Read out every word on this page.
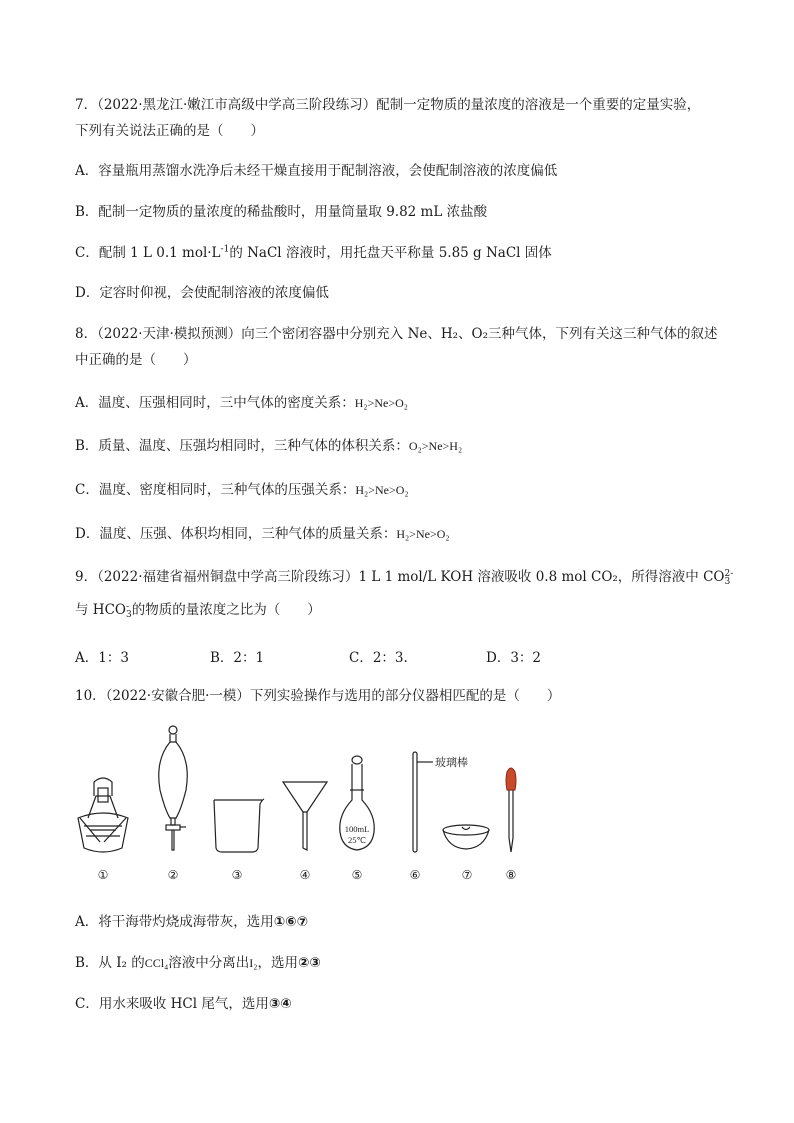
7．（2022·黑龙江·嫩江市高级中学高三阶段练习）配制一定物质的量浓度的溶液是一个重要的定量实验，
下列有关说法正确的是（　　）
A．容量瓶用蒸馏水洗净后未经干燥直接用于配制溶液，会使配制溶液的浓度偏低
B．配制一定物质的量浓度的稀盐酸时，用量筒量取 9.82 mL 浓盐酸
C．配制 1 L 0.1 $mol\cdot L^{-1}$的 NaCl 溶液时，用托盘天平称量 5.85 g NaCl 固体
D．定容时仰视，会使配制溶液的浓度偏低
8．（2022·天津·模拟预测）向三个密闭容器中分别充入 Ne、H₂、O₂三种气体，下列有关这三种气体的叙述
中正确的是（　　）
A．温度、压强相同时，三中气体的密度关系：H₂>Ne>O₂
B．质量、温度、压强均相同时，三种气体的体积关系：O₂>Ne>H₂
C．温度、密度相同时，三种气体的压强关系：H₂>Ne>O₂
D．温度、压强、体积均相同，三种气体的质量关系：H₂>Ne>O₂
9．（2022·福建省福州铜盘中学高三阶段练习）1 L 1 mol/L KOH 溶液吸收 0.8 mol CO₂，所得溶液中 CO 2-
3
与 HCO -
3 的物质的量浓度之比为（　　）
A．1：3	B．2：1	C．2：3.	D．3：2
10．（2022·安徽合肥·一模）下列实验操作与选用的部分仪器相匹配的是（　　）
100mL
25℃
玻璃棒
①	②	③	④	⑤	⑥	⑦	⑧
A．将干海带灼烧成海带灰，选用①⑥⑦
B．从 I₂ 的CCl₄溶液中分离出I₂，选用②③
C．用水来吸收 HCl 尾气，选用③④
